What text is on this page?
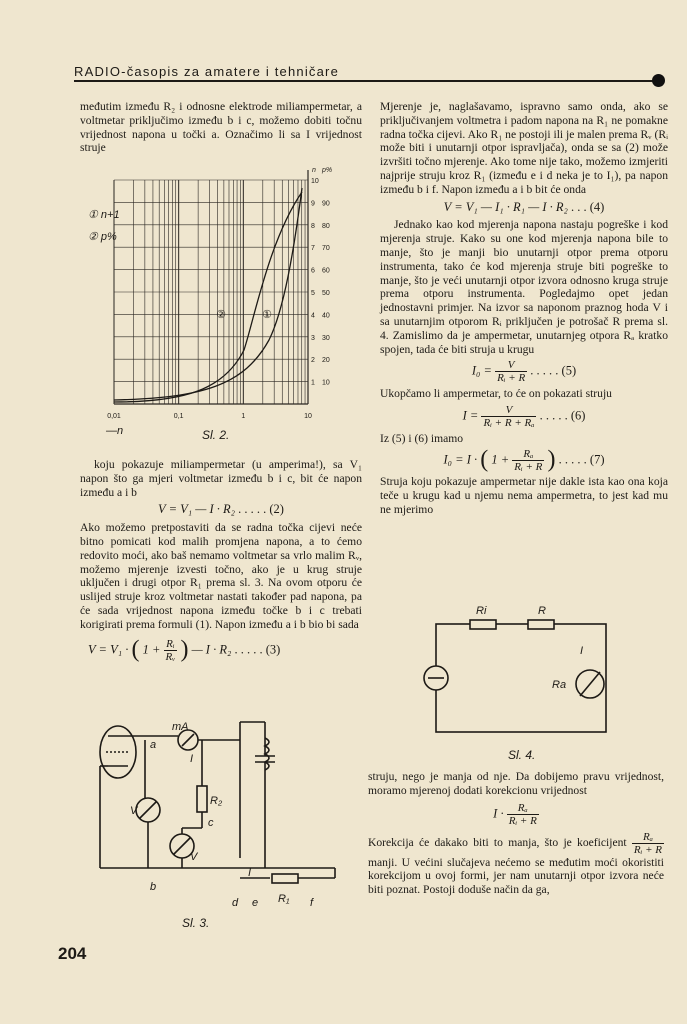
RADIO-časopis za amatere i tehničare

međutim između R₂ i odnosne elektrode miliampermetar, a voltmetar priključimo između b i c, možemo dobiti točnu vrijednost napona u točki a. Označimo li sa I vrijednost struje

1
2
3
4
5
6
7
8
9
10
10
20
30
40
50
60
70
80
90
n p%
0,01	0,1	1	10
—n
① n+1
② p%
②	①
Sl. 2.

koju pokazuje miliampermetar (u amperima!), sa V₁ napon što ga mjeri voltmetar između b i c, bit će napon između a i b

V = V₁ — I · R₂ . . . . . (2)

Ako možemo pretpostaviti da se radna točka cijevi neće bitno pomicati kod malih promjena napona, a to ćemo redovito moći, ako baš nemamo voltmetar sa vrlo malim Rᵥ, možemo mjerenje izvesti točno, ako je u krug struje uključen i drugi otpor R₁ prema sl. 3. Na ovom otporu će uslijed struje kroz voltmetar nastati također pad napona, pa će sada vrijednost napona između točke b i c trebati korigirati prema formuli (1). Napon između a i b bio bi sada

V = V₁ · ( $1 + \frac{\text{Rᵢ}}{\text{Rᵥ}}$ ) — I · R₂ . . . . . (3)
mA
a
I
V
R₂
c
V
b
d e R₁ f
I
Sl. 3.
204

Mjerenje je, naglašavamo, ispravno samo onda, ako se priključivanjem voltmetra i padom napona na R₁ ne pomakne radna točka cijevi. Ako R₁ ne postoji ili je malen prema Rᵥ (Rᵢ može biti i unutarnji otpor ispravljača), onda se sa (2) može izvršiti točno mjerenje. Ako tome nije tako, možemo izmjeriti najprije struju kroz R₁ (između e i d neka je to I₁), pa napon između b i f. Napon između a i b bit će onda

V = V₁ — I₁ · R₁ — I · R₂ . . . (4)

Jednako kao kod mjerenja napona nastaju pogreške i kod mjerenja struje. Kako su one kod mjerenja napona bile to manje, što je manji bio unutarnji otpor prema otporu instrumenta, tako će kod mjerenja struje biti pogreške to manje, što je veći unutarnji otpor izvora odnosno kruga struje prema otporu instrumenta. Pogledajmo opet jedan jednostavni primjer. Na izvor sa naponom praznog hoda V i sa unutarnjim otporom Rᵢ priključen je potrošač R prema sl. 4. Zamislimo da je ampermetar, unutarnjeg otpora Rₐ kratko spojen, tada će biti struja u krugu

$I_0 = \frac{V}{\text{Rᵢ + R}}$ . . . . . (5)

Ukopčamo li ampermetar, to će on pokazati struju

$I = \frac{V}{\text{Rᵢ + R + Rₐ}}$ . . . . . (6)

Iz (5) i (6) imamo

I₀ = I · ( $1 + \frac{\text{Rₐ}}{\text{Rᵢ + R}}$ ) . . . . . (7)

Struja koju pokazuje ampermetar nije dakle ista kao ona koja teče u krugu kad u njemu nema ampermetra, to jest kad mu ne mjerimo

Ri	R
I
Ra
Sl. 4.

struju, nego je manja od nje. Da dobijemo pravu vrijednost, moramo mjerenoj dodati korekcionu vrijednost

$I \cdot \frac{\text{Rₐ}}{\text{Rᵢ + R}}$

Korekcija će dakako biti to manja, što je koeficijent $\frac{\text{Rₐ}}{\text{Rᵢ + R}}$
manji. U većini slučajeva nećemo se međutim moći okoristiti korekcijom u ovoj formi, jer nam unutarnji otpor izvora neće biti poznat. Postoji doduše način da ga,
